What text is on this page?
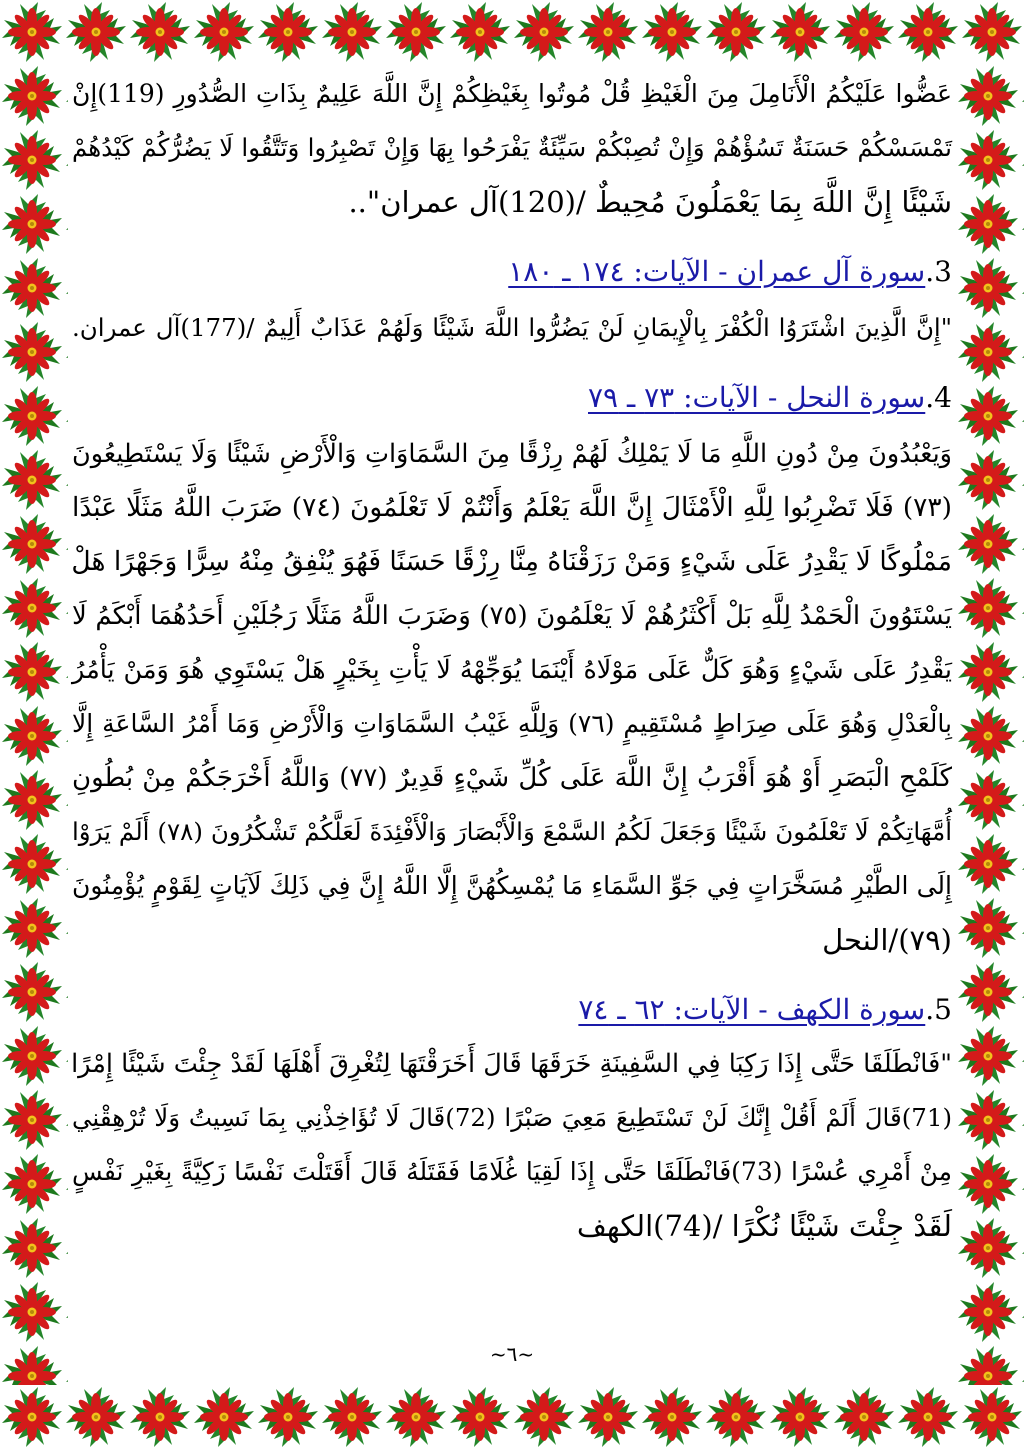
عَضُّوا عَلَيْكُمُ الْأَنَامِلَ مِنَ الْغَيْظِ قُلْ مُوتُوا بِغَيْظِكُمْ إِنَّ اللَّهَ عَلِيمٌ بِذَاتِ الصُّدُورِ (119)إِنْ
تَمْسَسْكُمْ حَسَنَةٌ تَسُؤْهُمْ وَإِنْ تُصِبْكُمْ سَيِّئَةٌ يَفْرَحُوا بِهَا وَإِنْ تَصْبِرُوا وَتَتَّقُوا لَا يَضُرُّكُمْ كَيْدُهُمْ
شَيْئًا إِنَّ اللَّهَ بِمَا يَعْمَلُونَ مُحِيطٌ /(120)آل عمران"..
3.سورة آل عمران - الآيات: ١٧٤ ـ ١٨٠
"إِنَّ الَّذِينَ اشْتَرَوُا الْكُفْرَ بِالْإِيمَانِ لَنْ يَضُرُّوا اللَّهَ شَيْئًا وَلَهُمْ عَذَابٌ أَلِيمٌ /(177)آل عمران.
4.سورة النحل - الآيات: ٧٣ ـ ٧٩
وَيَعْبُدُونَ مِنْ دُونِ اللَّهِ مَا لَا يَمْلِكُ لَهُمْ رِزْقًا مِنَ السَّمَاوَاتِ وَالْأَرْضِ شَيْئًا وَلَا يَسْتَطِيعُونَ
(٧٣) فَلَا تَضْرِبُوا لِلَّهِ الْأَمْثَالَ إِنَّ اللَّهَ يَعْلَمُ وَأَنْتُمْ لَا تَعْلَمُونَ (٧٤) ضَرَبَ اللَّهُ مَثَلًا عَبْدًا
مَمْلُوكًا لَا يَقْدِرُ عَلَى شَيْءٍ وَمَنْ رَزَقْنَاهُ مِنَّا رِزْقًا حَسَنًا فَهُوَ يُنْفِقُ مِنْهُ سِرًّا وَجَهْرًا هَلْ
يَسْتَوُونَ الْحَمْدُ لِلَّهِ بَلْ أَكْثَرُهُمْ لَا يَعْلَمُونَ (٧٥) وَضَرَبَ اللَّهُ مَثَلًا رَجُلَيْنِ أَحَدُهُمَا أَبْكَمُ لَا
يَقْدِرُ عَلَى شَيْءٍ وَهُوَ كَلٌّ عَلَى مَوْلَاهُ أَيْنَمَا يُوَجِّهْهُ لَا يَأْتِ بِخَيْرٍ هَلْ يَسْتَوِي هُوَ وَمَنْ يَأْمُرُ
بِالْعَدْلِ وَهُوَ عَلَى صِرَاطٍ مُسْتَقِيمٍ (٧٦) وَلِلَّهِ غَيْبُ السَّمَاوَاتِ وَالْأَرْضِ وَمَا أَمْرُ السَّاعَةِ إِلَّا
كَلَمْحِ الْبَصَرِ أَوْ هُوَ أَقْرَبُ إِنَّ اللَّهَ عَلَى كُلِّ شَيْءٍ قَدِيرٌ (٧٧) وَاللَّهُ أَخْرَجَكُمْ مِنْ بُطُونِ
أُمَّهَاتِكُمْ لَا تَعْلَمُونَ شَيْئًا وَجَعَلَ لَكُمُ السَّمْعَ وَالْأَبْصَارَ وَالْأَفْئِدَةَ لَعَلَّكُمْ تَشْكُرُونَ (٧٨) أَلَمْ يَرَوْا
إِلَى الطَّيْرِ مُسَخَّرَاتٍ فِي جَوِّ السَّمَاءِ مَا يُمْسِكُهُنَّ إِلَّا اللَّهُ إِنَّ فِي ذَلِكَ لَآيَاتٍ لِقَوْمٍ يُؤْمِنُونَ
(٧٩)/النحل
5.سورة الكهف - الآيات: ٦٢ ـ ٧٤
"فَانْطَلَقَا حَتَّى إِذَا رَكِبَا فِي السَّفِينَةِ خَرَقَهَا قَالَ أَخَرَقْتَهَا لِتُغْرِقَ أَهْلَهَا لَقَدْ جِئْتَ شَيْئًا إِمْرًا
(71)قَالَ أَلَمْ أَقُلْ إِنَّكَ لَنْ تَسْتَطِيعَ مَعِيَ صَبْرًا (72)قَالَ لَا تُؤَاخِذْنِي بِمَا نَسِيتُ وَلَا تُرْهِقْنِي
مِنْ أَمْرِي عُسْرًا (73)فَانْطَلَقَا حَتَّى إِذَا لَقِيَا غُلَامًا فَقَتَلَهُ قَالَ أَقَتَلْتَ نَفْسًا زَكِيَّةً بِغَيْرِ نَفْسٍ
لَقَدْ جِئْتَ شَيْئًا نُكْرًا /(74)الكهف
~٦~
